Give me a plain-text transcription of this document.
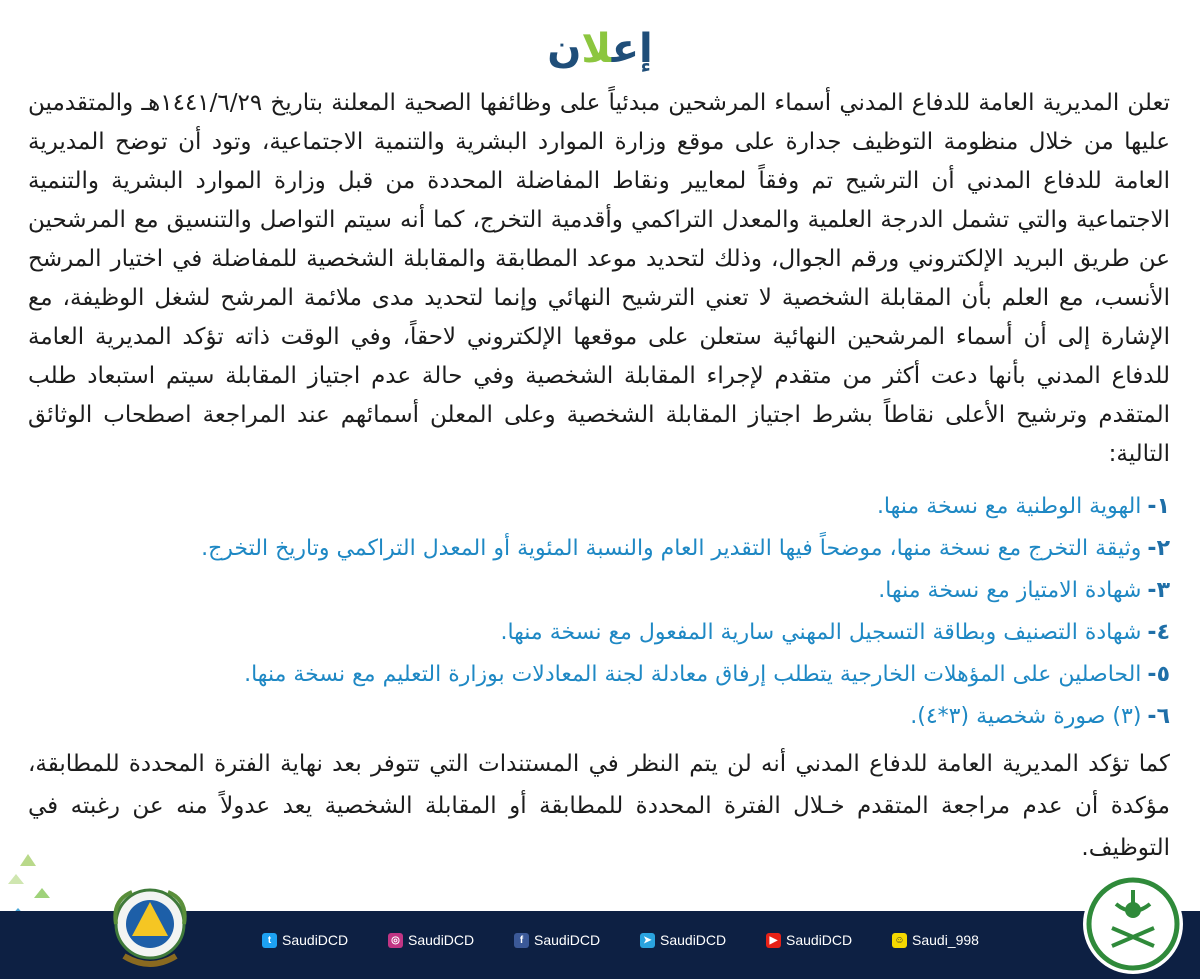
إعلان
تعلن المديرية العامة للدفاع المدني أسماء المرشحين مبدئياً على وظائفها الصحية المعلنة بتاريخ ١٤٤١/٦/٢٩هـ والمتقدمين عليها من خلال منظومة التوظيف جدارة على موقع وزارة الموارد البشرية والتنمية الاجتماعية، وتود أن توضح المديرية العامة للدفاع المدني أن الترشيح تم وفقاً لمعايير ونقاط المفاضلة المحددة من قبل وزارة الموارد البشرية والتنمية الاجتماعية والتي تشمل الدرجة العلمية والمعدل التراكمي وأقدمية التخرج، كما أنه سيتم التواصل والتنسيق مع المرشحين عن طريق البريد الإلكتروني ورقم الجوال، وذلك لتحديد موعد المطابقة والمقابلة الشخصية للمفاضلة في اختيار المرشح الأنسب، مع العلم بأن المقابلة الشخصية لا تعني الترشيح النهائي وإنما لتحديد مدى ملائمة المرشح لشغل الوظيفة، مع الإشارة إلى أن أسماء المرشحين النهائية ستعلن على موقعها الإلكتروني لاحقاً، وفي الوقت ذاته تؤكد المديرية العامة للدفاع المدني بأنها دعت أكثر من متقدم لإجراء المقابلة الشخصية وفي حالة عدم اجتياز المقابلة سيتم استبعاد طلب المتقدم وترشيح الأعلى نقاطاً بشرط اجتياز المقابلة الشخصية وعلى المعلن أسمائهم عند المراجعة اصطحاب الوثائق التالية:
١-الهوية الوطنية مع نسخة منها.
٢-وثيقة التخرج مع نسخة منها، موضحاً فيها التقدير العام والنسبة المئوية أو المعدل التراكمي وتاريخ التخرج.
٣-شهادة الامتياز مع نسخة منها.
٤-شهادة التصنيف وبطاقة التسجيل المهني سارية المفعول مع نسخة منها.
٥-الحاصلين على المؤهلات الخارجية يتطلب إرفاق معادلة لجنة المعادلات بوزارة التعليم مع نسخة منها.
٦-(٣) صورة شخصية (٣*٤).
كما تؤكد المديرية العامة للدفاع المدني أنه لن يتم النظر في المستندات التي تتوفر بعد نهاية الفترة المحددة للمطابقة، مؤكدة أن عدم مراجعة المتقدم خـلال الفترة المحددة للمطابقة أو المقابلة الشخصية يعد عدولاً منه عن رغبته في التوظيف.
t SaudiDCD	◎ SaudiDCD	f SaudiDCD	➤ SaudiDCD	▶ SaudiDCD	☺ Saudi_998
